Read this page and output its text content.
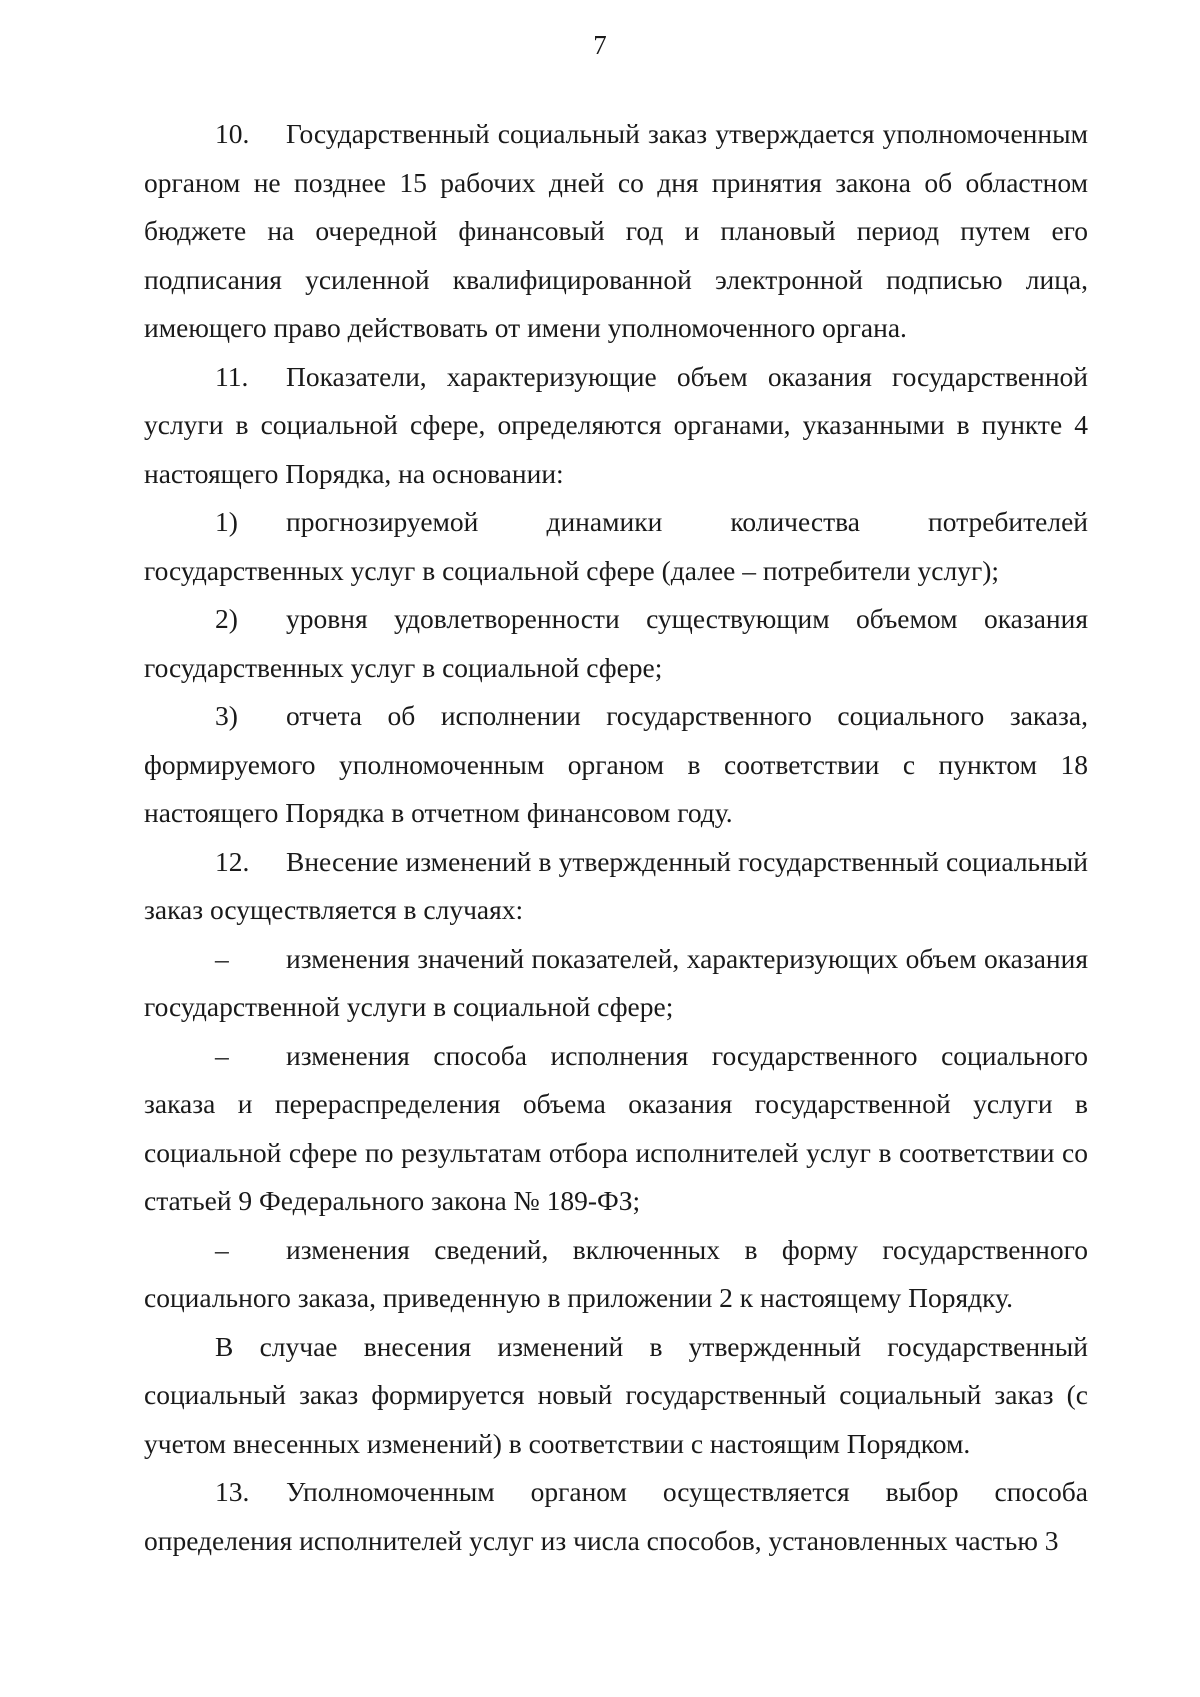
7

10. Государственный социальный заказ утверждается уполномоченным органом не позднее 15 рабочих дней со дня принятия закона об областном бюджете на очередной финансовый год и плановый период путем его подписания усиленной квалифицированной электронной подписью лица, имеющего право действовать от имени уполномоченного органа.

11. Показатели, характеризующие объем оказания государственной услуги в социальной сфере, определяются органами, указанными в пункте 4 настоящего Порядка, на основании:

1) прогнозируемой динамики количества потребителей государственных услуг в социальной сфере (далее – потребители услуг);

2) уровня удовлетворенности существующим объемом оказания государственных услуг в социальной сфере;

3) отчета об исполнении государственного социального заказа, формируемого уполномоченным органом в соответствии с пунктом 18 настоящего Порядка в отчетном финансовом году.

12. Внесение изменений в утвержденный государственный социальный заказ осуществляется в случаях:

– изменения значений показателей, характеризующих объем оказания государственной услуги в социальной сфере;

– изменения способа исполнения государственного социального заказа и перераспределения объема оказания государственной услуги в социальной сфере по результатам отбора исполнителей услуг в соответствии со статьей 9 Федерального закона № 189-ФЗ;

– изменения сведений, включенных в форму государственного социального заказа, приведенную в приложении 2 к настоящему Порядку.

В случае внесения изменений в утвержденный государственный социальный заказ формируется новый государственный социальный заказ (с учетом внесенных изменений) в соответствии с настоящим Порядком.

13. Уполномоченным органом осуществляется выбор способа определения исполнителей услуг из числа способов, установленных частью 3
